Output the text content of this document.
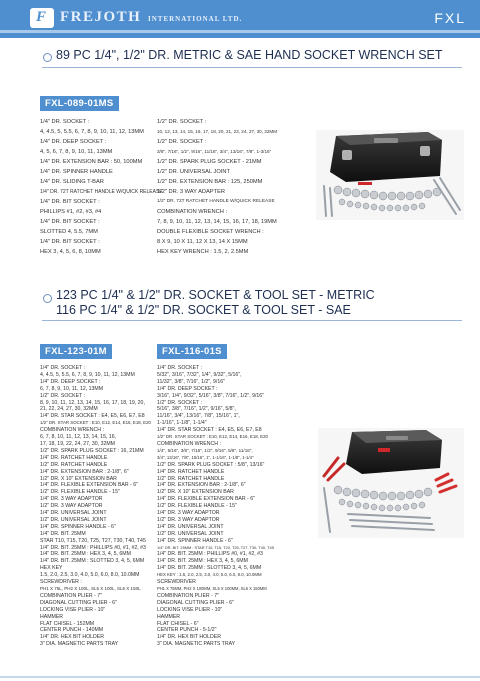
F FREJOTH INTERNATIONAL LTD.	FXL
89 PC 1/4", 1/2" DR. METRIC & SAE HAND SOCKET WRENCH SET
FXL-089-01MS
1/4" DR. SOCKET :
4, 4.5, 5, 5.5, 6, 7, 8, 9, 10, 11, 12, 13MM
1/4" DR. DEEP SOCKET :
4, 5, 6, 7, 8, 9, 10, 11, 13MM
1/4" DR. EXTENSION BAR : 50, 100MM
1/4" DR. SPINNER HANDLE
1/4" DR. SLIDING T-BAR
1/4" DR. 72T RATCHET HANDLE W/QUICK RELEASE
1/4" DR. BIT SOCKET :
PHILLIPS #1, #2, #3, #4
1/4" DR. BIT SOCKET :
SLOTTED 4, 5.5, 7MM
1/4" DR. BIT SOCKET :
HEX 3, 4, 5, 6, 8, 10MM
1/2" DR. SOCKET :
10, 12, 13, 14, 15, 16, 17, 18, 20, 21, 23, 24, 27, 30, 32MM
1/2" DR. SOCKET :
3/8", 7/16", 1/2", 9/16", 11/16", 3/4", 13/16", 7/8", 1-3/16"
1/2" DR. SPARK PLUG SOCKET - 21MM
1/2" DR. UNIVERSAL JOINT
1/2" DR. EXTENSION BAR : 125, 250MM
1/2" DR. 3 WAY ADAPTER
1/2" DR. 72T RATCHET HANDLE W/QUICK RELEASE
COMBINATION WRENCH :
7, 8, 9, 10, 11, 12, 13, 14, 15, 16, 17, 18, 19MM
DOUBLE FLEXIBLE SOCKET WRENCH :
8 X 9, 10 X 11, 12 X 13, 14 X 15MM
HEX KEY WRENCH : 1.5, 2, 2.5MM
123 PC 1/4" & 1/2" DR. SOCKET & TOOL SET - METRIC
116 PC 1/4" & 1/2" DR. SOCKET & TOOL SET - SAE
FXL-123-01M	FXL-116-01S
1/4" DR. SOCKET :
4, 4.5, 5, 5.5, 6, 7, 8, 9, 10, 11, 12, 13MM
1/4" DR. DEEP SOCKET :
6, 7, 8, 9, 10, 11, 12, 13MM
1/2" DR. SOCKET :
8, 9, 10, 11, 12, 13, 14, 15, 16, 17, 18, 19, 20,
21, 22, 24, 27, 30, 32MM
1/4" DR. STAR SOCKET : E4, E5, E6, E7, E8
1/2" DR. STAR SOCKET : E10, E12, E14, E16, E18, E20
COMBINATION WRENCH :
6, 7, 8, 10, 11, 12, 13, 14, 15, 16,
17, 18, 19, 22, 24, 27, 30, 32MM
1/2" DR. SPARK PLUG SOCKET : 16, 21MM
1/4" DR. RATCHET HANDLE
1/2" DR. RATCHET HANDLE
1/4" DR. EXTENSION BAR : 2-1/8", 6"
1/2" DR. X 10" EXTENSION BAR
1/4" DR. FLEXIBLE EXTENSION BAR - 6"
1/2" DR. FLEXIBLE HANDLE - 15"
1/4" DR. 3 WAY ADAPTOR
1/2" DR. 3 WAY ADAPTOR
1/4" DR. UNIVERSAL JOINT
1/2" DR. UNIVERSAL JOINT
1/4" DR. SPINNER HANDLE - 6"
1/4" DR. BIT. 25MM
STAR T10, T15, T20, T25, T27, T30, T40, T45
1/4" DR. BIT. 25MM : PHILLIPS #0, #1, #2, #3
1/4" DR. BIT. 25MM : HEX 3, 4, 5, 6MM
1/4" DR. BIT. 25MM : SLOTTED 3, 4, 5, 6MM
HEX KEY
1.5, 2.0, 2.5, 3.0, 4.0, 5.0, 6.0, 8.0, 10.0MM
SCREWDRIVER :
PH1 X 75L, PH2 X 100L, SL5 X 100L, SL6 X 150L
COMBINATION PLIER - 7"
DIAGONAL CUTTING PLIER - 6"
LOCKING VISE PLIER - 10"
HAMMER
FLAT CHISEL - 152MM
CENTER PUNCH - 140MM
1/4" DR. HEX BIT HOLDER
3" DIA. MAGNETIC PARTS TRAY
1/4" DR. SOCKET :
5/32", 3/16", 7/32", 1/4", 9/32", 5/16",
11/32", 3/8", 7/16", 1/2", 9/16"
1/4" DR. DEEP SOCKET :
3/16", 1/4", 9/32", 5/16", 3/8", 7/16", 1/2", 9/16"
1/2" DR. SOCKET :
5/16", 3/8", 7/16", 1/2", 9/16", 5/8",
11/16", 3/4", 13/16", 7/8", 15/16", 1",
1-1/16", 1-1/8", 1-1/4"
1/4" DR. STAR SOCKET : E4, E5, E6, E7, E8
1/2" DR. STAR SOCKET : E10, E12, E14, E16, E18, E20
COMBINATION WRENCH :
1/4", 5/16", 3/8", 7/16", 1/2", 9/16", 5/8", 11/16",
3/4", 13/16", 7/8", 15/16", 1", 1-1/16", 1-1/8", 1-1/4"
1/2" DR. SPARK PLUG SOCKET : 5/8", 13/16"
1/4" DR. RATCHET HANDLE
1/2" DR. RATCHET HANDLE
1/4" DR. EXTENSION BAR : 2-1/8", 6"
1/2" DR. X 10" EXTENSION BAR
1/4" DR. FLEXIBLE EXTENSION BAR - 6"
1/2" DR. FLEXIBLE HANDLE - 15"
1/4" DR. 3 WAY ADAPTOR
1/2" DR. 3 WAY ADAPTOR
1/4" DR. UNIVERSAL JOINT
1/2" DR. UNIVERSAL JOINT
1/4" DR. SPINNER HANDLE - 6"
1/4" DR. BIT. 25MM : STAR T10, T15, T20, T25, T27, T30, T40, T45
1/4" DR. BIT. 25MM : PHILLIPS #0, #1, #2, #3
1/4" DR. BIT. 25MM : HEX 3, 4, 5, 6MM
1/4" DR. BIT. 25MM : SLOTTED 3, 4, 5, 6MM
HEX KEY : 1.5, 2.0, 2.5, 3.0, 4.0, 5.0, 6.0, 8.0, 10.0MM
SCREWDRIVER
PH1 X 75MM, PH2 X 100MM, SL5 X 100MM, SL6 X 150MM
COMBINATION PLIER - 7"
DIAGONAL CUTTING PLIER - 6"
LOCKING VISE PLIER - 10"
HAMMER
FLAT CHISEL - 6"
CENTER PUNCH - 5-1/2"
1/4" DR. HEX BIT HOLDER
3" DIA. MAGNETIC PARTS TRAY
